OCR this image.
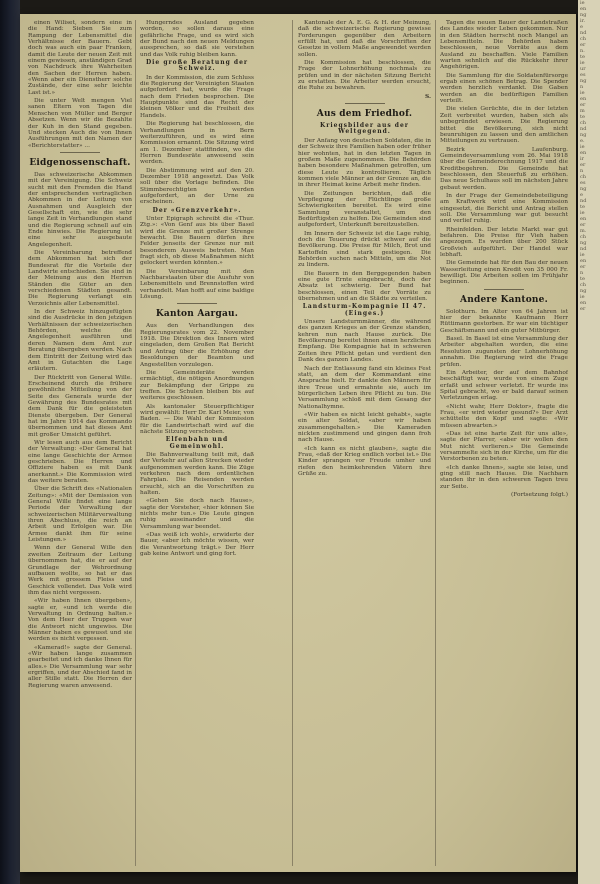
einen Wiliset, sondern eine in die Hand: Sieben Sie zum Rampung der Lebensmittel die Verhältnisse der Bauern. Gebt doch was auch ein paar Franken, damit die Leute der neuen Zeit mit einem gewissen, anständigen Grad von Nachdruck ihre Wahrheiten den Sachen der Herren haben. «Wenn aber ein Dienstherr solche Zustände, der eine sehr leichte Last ist.»

Die unter Welt mengen Viel sanen Eltern von Tagen die Menschen von Müller und Berger Absetzen. Wenn wir die Bezahlte der Kuh in den Stand gegeben. Und stecken Auch die von Ihnen Ausführungen mit den Namen der «Berichterstatter» ...

Eidgenossenschaft.

Das schweizerische Abkommen mit der Vereinigung. Die Schweiz sucht mit den Fremden die Hand der entsprechenden vertraglichen Abkommen in der Leitung von Ausnahmen und Ausgleich der Gesellschaft ein, wie die sehr lange Zeit in Verhandlungen stand und die Regierung schnell auf ein Ende hinwies. Die Regierung ist eine sehr ausgebaute Angelegenheit.

Die Vereinbarung betreffend dem Abkommen hat sich der Bundesrat für die Vorteile der Landwirte entschieden. Sie sind in der Meinung aus den Herren Ständen die Güter an den verschiedenen Städten gesandt. Die Regierung verlangt ein Verzeichnis aller Lebensmittel.

In der Schweiz hinzugefügten sind die Ausdrücke in den jetzigen Verhältnissen der schweizerischen Behörden, welche die Angelegenheit ausführen und deren Namen dem Amt zur Beratung übergeben werden. Nach dem Eintritt der Zeitung wird das Amt in Gutachten die Lage erläutern.

Der Rücktritt von General Wille. Erscheinend durch die frühere gewöhnliche Mitteilung von der Seite des Generals wurde der Gewährung des Bundesrates mit dem Dank für die geleisteten Dienste übergeben. Der General hat im Jahre 1914 das Kommando übernommen und hat dieses Amt mit großer Umsicht geführt.

Wir lesen auch aus dem Bericht der Verwaltung: «Der General hat eine lange Geschichte der Armee geschrieben. Die Herren und Offiziere haben es mit Dank anerkannt.» Die Kommission wird das weitere beraten.

Über die Schrift des «Nationalen Zeitung»: «Mit der Demission von General Wille findet eine lange Periode der Verwaltung der schweizerischen Militärverwaltung ihren Abschluss, die reich an Arbeit und Erfolgen war. Die Armee dankt ihm für seine Leistungen.»

Wenn der General Wille den zweiten Zeitraum der Leitung übernommen hat, die er auf der Grundlage der Wehrordnung aufbauen wollte, so hat er das Werk mit grossem Fleiss und Geschick vollendet. Das Volk wird ihm das nicht vergessen.

«Wir haben Ihnen übergeben», sagte er, «und ich werde die Verwaltung in Ordnung halten.» Von dem Heer der Truppen war die Antwort nicht ungewiss. Die Männer haben es gewusst und sie werden es nicht vergessen.

«Kamerad!» sagte der General. «Wir haben lange zusammen gearbeitet und ich danke Ihnen für alles.» Die Versammlung war sehr ergriffen, und der Abschied fand in aller Stille statt. Die Herren der Regierung waren anwesend.

Hungerndes Ausland gegeben worden, so sollen daraus eine gefährliche Frage, und es wird sich der Bund nach den neuen Meldungen aussprechen, so daß sie verstehen und das Volk ruhig bleiben kann.

Die große Beratung der Schweiz.

In der Kommission, die zum Schluss die Regierung der Vereinigten Staaten aufgefordert hat, wurde die Frage nach dem Frieden besprochen. Die Hauptpunkte sind das Recht der kleinen Völker und die Freiheit des Handels.

Die Regierung hat beschlossen, die Verhandlungen in Bern weiterzuführen, und es wird eine Kommission ernannt. Die Sitzung wird am 1. Dezember stattfinden, wo die Herren Bundesräte anwesend sein werden.

Die Abstimmung wird auf den 20. Dezember 1918 angesetzt. Das Volk soll über die Vorlage befinden. Die Stimmberechtigten werden aufgefordert, an der Urne zu erscheinen.

Der «Grenzverkehr».

Unter Epigraph schreibt die «Thur. Ztg.»: «Von Genf aus bis über Basel wird die Grenze mit großer Strenge bewacht. Die Bauern dürfen ihre Felder jenseits der Grenze nur mit besonderem Ausweis betreten. Man fragt sich, ob diese Maßnahmen nicht gelockert werden könnten.»

Die Vereinbarung mit den Nachbarstaaten über die Ausfuhr von Lebensmitteln und Brennstoffen wird verhandelt. Man hofft auf eine baldige Lösung.

Kanton Aargau.

Aus den Verhandlungen des Regierungsrates vom 22. November 1918. Die Direktion des Innern wird eingeladen, dem Großen Rat Bericht und Antrag über die Erhöhung der Besoldungen der Beamten und Angestellten vorzulegen.

Die Gemeinderäte werden ermächtigt, die nötigen Anordnungen zur Bekämpfung der Grippe zu treffen. Die Schulen bleiben bis auf weiteres geschlossen.

Als kantonaler Steuerpflichtiger wird gewählt: Herr Dr. Karl Meier, von Baden. — Die Wahl der Kommission für die Landwirtschaft wird auf die nächste Sitzung verschoben.

Elfenbahn und Gemeinwohl.

Die Bahnverwaltung teilt mit, daß der Verkehr auf allen Strecken wieder aufgenommen werden kann. Die Züge verkehren nach dem ordentlichen Fahrplan. Die Reisenden werden ersucht, sich an die Vorschriften zu halten.

«Gehen Sie doch nach Hause», sagte der Vorsteher, «hier können Sie nichts mehr tun.» Die Leute gingen ruhig auseinander und die Versammlung war beendet.

«Das weiß ich wohl», erwiderte der Bauer, «aber ich möchte wissen, wer die Verantwortung trägt.» Der Herr gab keine Antwort und ging fort.

Kantonale der A. E. G. & H. der Meinung, daß die schweizerische Regierung gewisse Forderungen gegenüber den Arbeitern erfüllt hat, und daß die Vorschriften der Gesetze in vollem Maße angewendet werden sollen.

Die Kommission hat beschlossen, die Frage der Lohnerhöhung nochmals zu prüfen und in der nächsten Sitzung Bericht zu erstatten. Die Arbeiter werden ersucht, die Ruhe zu bewahren.

S.
Aus dem Friedhof.
Kriegsbilder aus der Weltgegend.

Der Anfang von deutschen Soldaten, die in der Schweiz ihre Familien haben oder früher hier wohnten, hat in den letzten Tagen in großem Maße zugenommen. Die Behörden haben besondere Maßnahmen getroffen, um diese Leute zu kontrollieren. Täglich kommen viele Männer an der Grenze an, die in ihrer Heimat keine Arbeit mehr finden.

Die Zeitungen berichten, daß die Verpflegung der Flüchtlinge große Schwierigkeiten bereitet. Es wird eine Sammlung veranstaltet, um den Bedürftigsten zu helfen. Die Gemeinden sind aufgefordert, Unterkunft bereitzustellen.

Im Innern der Schweiz ist die Lage ruhig, doch die Teuerung drückt schwer auf die Bevölkerung. Die Preise für Milch, Brot und Kartoffeln sind stark gestiegen. Die Behörden suchen nach Mitteln, um die Not zu lindern.

Die Bauern in den Berggegenden haben eine gute Ernte eingebracht, doch der Absatz ist schwierig. Der Bund hat beschlossen, einen Teil der Vorräte zu übernehmen und an die Städte zu verteilen.

Landsturm-Kompagnie II 47. (Einges.)

Unsere Landsturmmänner, die während des ganzen Krieges an der Grenze standen, kehren nun nach Hause zurück. Die Bevölkerung bereitet ihnen einen herzlichen Empfang. Die Kompagnie hat in schweren Zeiten ihre Pflicht getan und verdient den Dank des ganzen Landes.

Nach der Entlassung fand ein kleines Fest statt, an dem der Kommandant eine Ansprache hielt. Er dankte den Männern für ihre Treue und ermahnte sie, auch im bürgerlichen Leben ihre Pflicht zu tun. Die Versammlung schloß mit dem Gesang der Nationalhymne.

«Wir haben es nicht leicht gehabt», sagte ein alter Soldat, «aber wir haben zusammengehalten.» Die Kameraden nickten zustimmend und gingen dann froh nach Hause.

«Ich kann es nicht glauben», sagte die Frau, «daß der Krieg endlich vorbei ist.» Die Kinder sprangen vor Freude umher und riefen den heimkehrenden Vätern ihre Grüße zu.

Tagen die neuen Bauer der Landstraßen des Landes wieder Leben gekommen. Nur in den Städten herrscht noch Mangel an Lebensmitteln. Die Behörden haben beschlossen, neue Vorräte aus dem Ausland zu beschaffen. Viele Familien warten sehnlich auf die Rückkehr ihrer Angehörigen.

Die Sammlung für die Soldatenfürsorge ergab einen schönen Betrag. Die Spender werden herzlich verdankt. Die Gaben werden an die bedürftigen Familien verteilt.

Die vielen Gerüchte, die in der letzten Zeit verbreitet wurden, haben sich als unbegründet erwiesen. Die Regierung bittet die Bevölkerung, sich nicht beunruhigen zu lassen und den amtlichen Mitteilungen zu vertrauen.

Bezirk Laufenburg. Gemeindeversammlung vom 26. Mai 1918 über die Gemeinderechnung 1917 und die Kreditbegehren. Die Gemeinde hat beschlossen, den Steuerfuß zu erhöhen. Das neue Schulhaus soll im nächsten Jahre gebaut werden.

In der Frage der Gemeindebeteiligung am Kraftwerk wird eine Kommission eingesetzt, die Bericht und Antrag stellen soll. Die Versammlung war gut besucht und verlief ruhig.

Rheinfelden. Der letzte Markt war gut befahren. Die Preise für Vieh haben angezogen. Es wurden über 200 Stück Großvieh aufgeführt. Der Handel war lebhaft.

Die Gemeinde hat für den Bau der neuen Wasserleitung einen Kredit von 35 000 Fr. bewilligt. Die Arbeiten sollen im Frühjahr beginnen.

Andere Kantone.

Solothurn. Im Alter von 64 Jahren ist hier der bekannte Kaufmann Herr Rüttimann gestorben. Er war ein tüchtiger Geschäftsmann und ein guter Mitbürger.

Basel. In Basel ist eine Versammlung der Arbeiter abgehalten worden, die eine Resolution zugunsten der Lohnerhöhung annahm. Die Regierung wird die Frage prüfen.

Ein Arbeiter, der auf dem Bahnhof beschäftigt war, wurde von einem Zuge erfaßt und schwer verletzt. Er wurde ins Spital gebracht, wo er bald darauf seinen Verletzungen erlag.

«Nicht wahr, Herr Doktor», fragte die Frau, «er wird wieder gesund?» Der Arzt schüttelte den Kopf und sagte: «Wir müssen abwarten.»

«Das ist eine harte Zeit für uns alle», sagte der Pfarrer, «aber wir wollen den Mut nicht verlieren.» Die Gemeinde versammelte sich in der Kirche, um für die Verstorbenen zu beten.

«Ich danke Ihnen», sagte sie leise, und ging still nach Hause. Die Nachbarn standen ihr in den schweren Tagen treu zur Seite.

(Fortsetzung folgt.)
ie
en
ng
ir.
e
nd
ch
er
n.
te
ie
ur
es
ng
n
ie
en
er
m
te
ch
nd
ng
e.
ie
en
ir
er
n
ch
es
ng
e
nd
te
ie
en
er
m.
ch
ng
nd
ie
en
er
n
te
ch
ng
ie
en
er
